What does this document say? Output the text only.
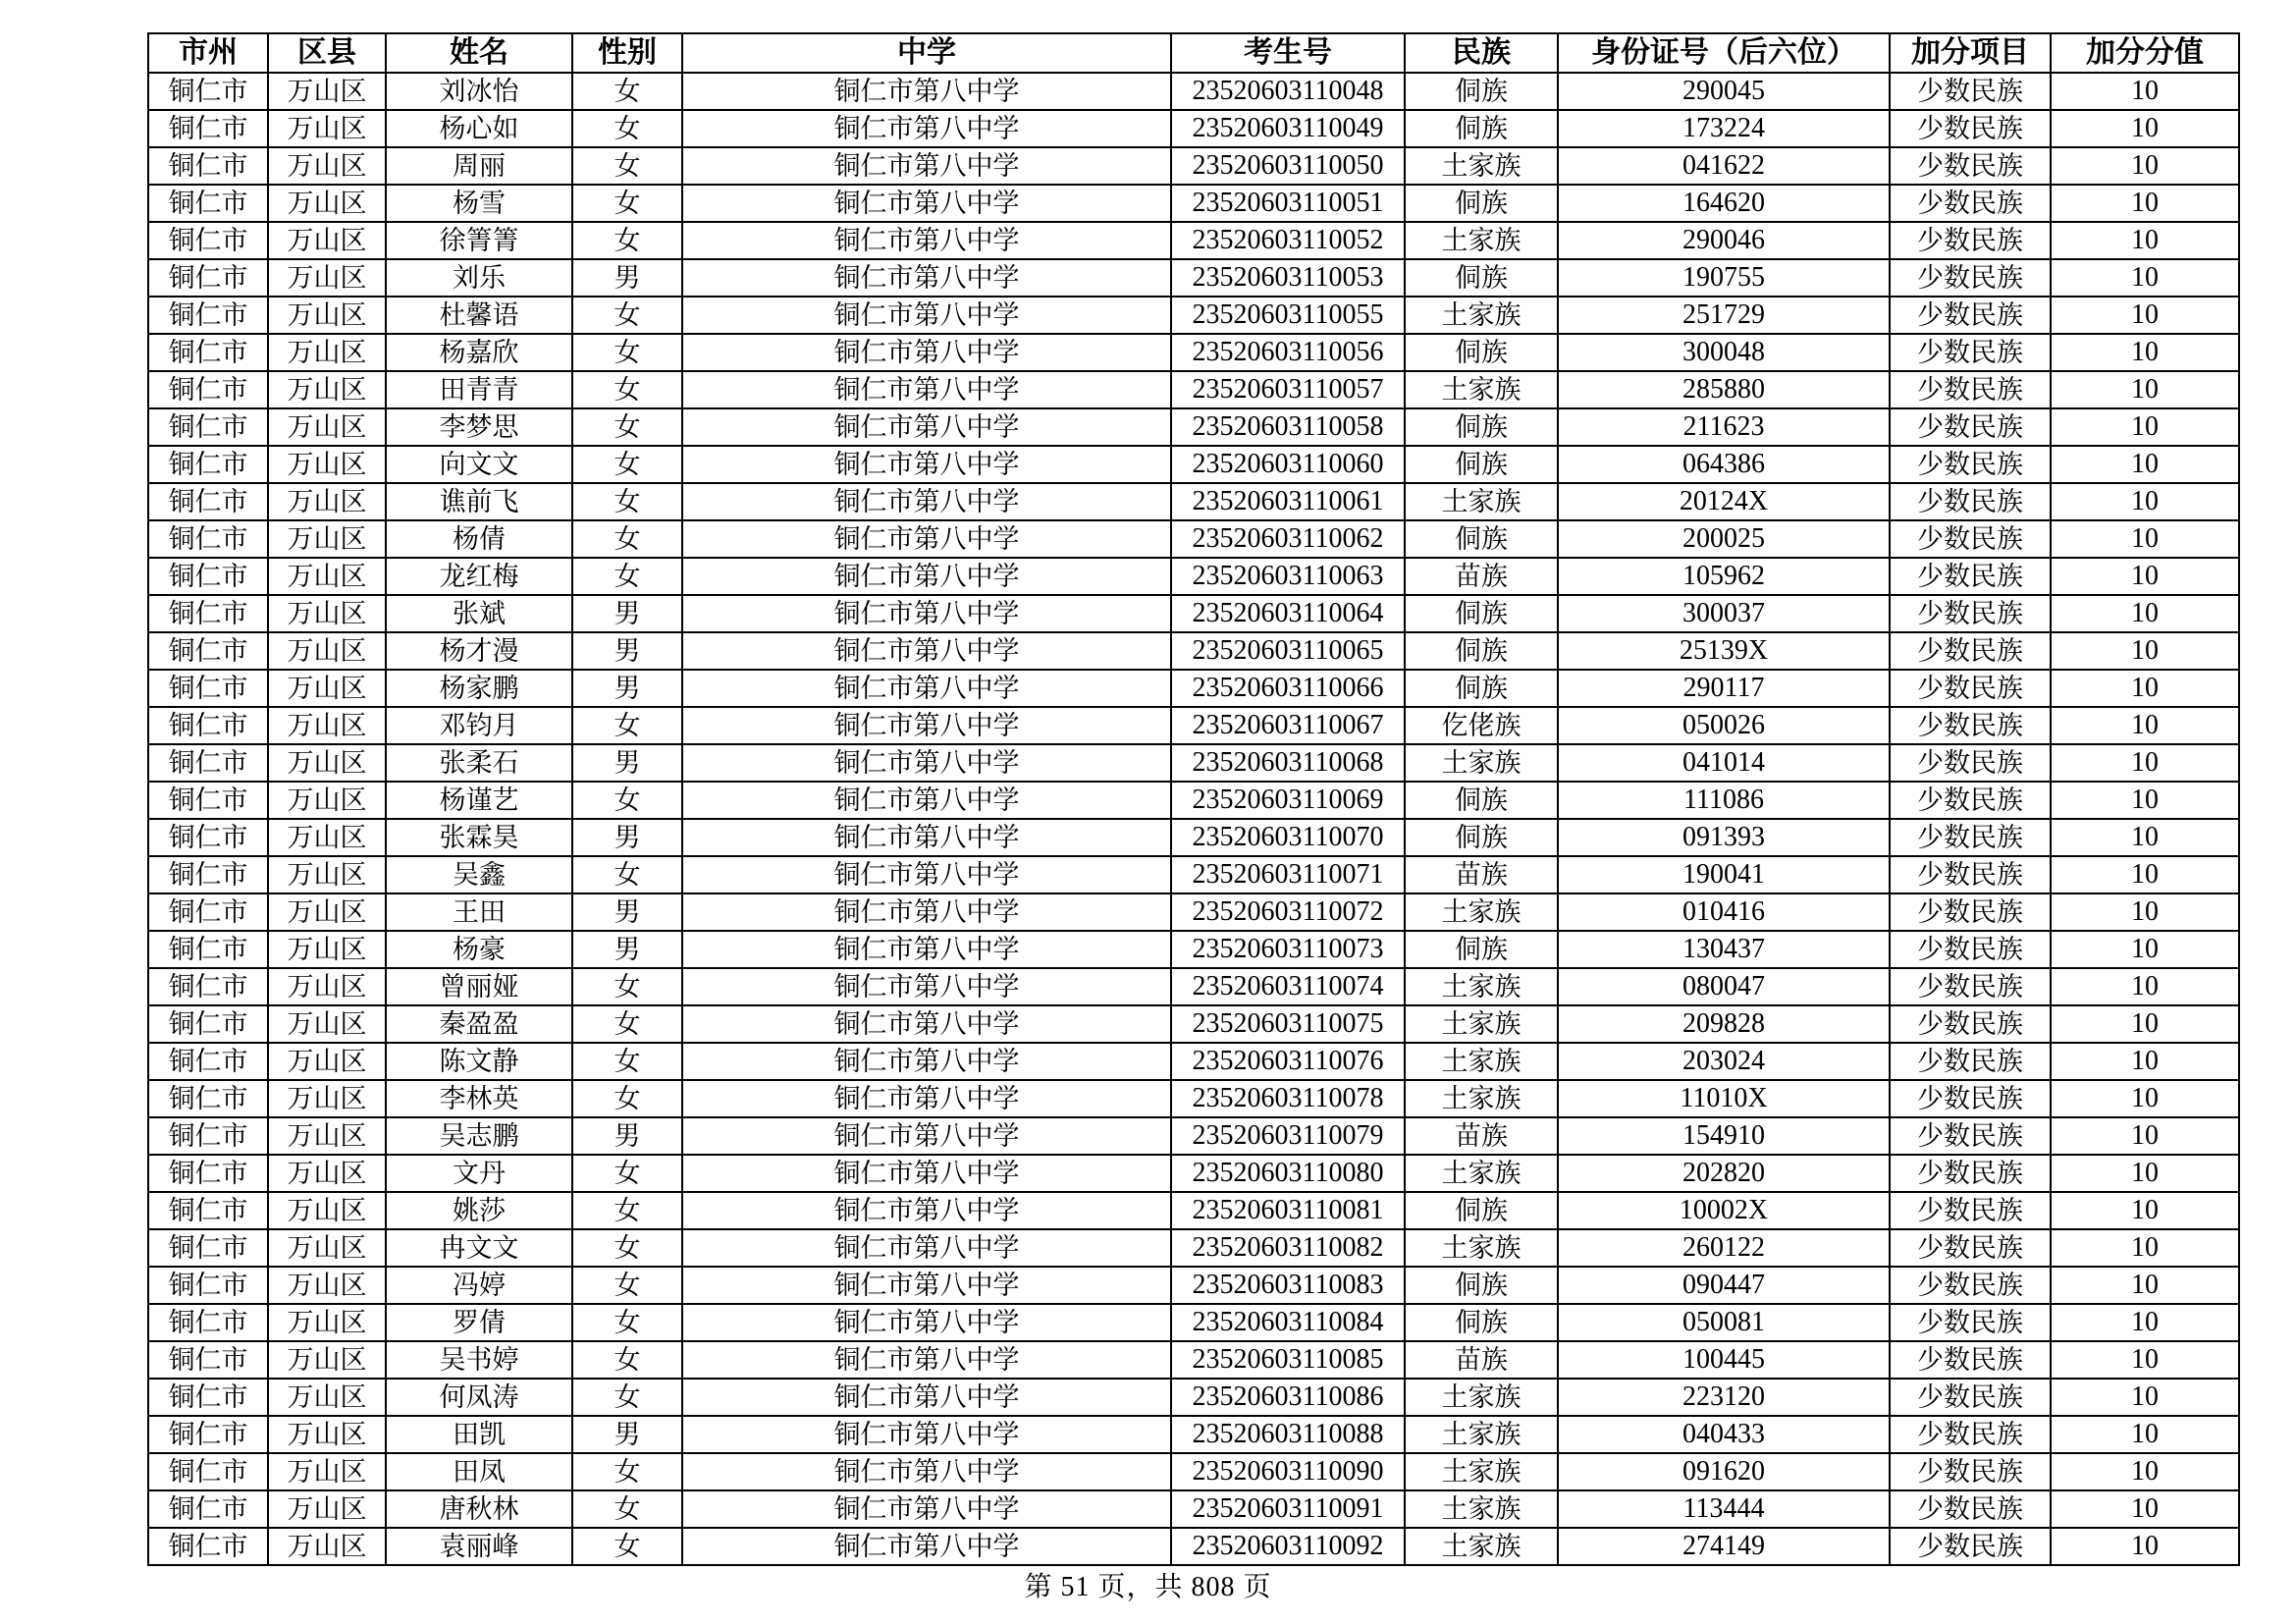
市州	区县	姓名	性别	中学	考生号	民族	身份证号（后六位）	加分项目	加分分值
铜仁市	万山区	刘冰怡	女	铜仁市第八中学	23520603110048	侗族	290045	少数民族	10
铜仁市	万山区	杨心如	女	铜仁市第八中学	23520603110049	侗族	173224	少数民族	10
铜仁市	万山区	周丽	女	铜仁市第八中学	23520603110050	土家族	041622	少数民族	10
铜仁市	万山区	杨雪	女	铜仁市第八中学	23520603110051	侗族	164620	少数民族	10
铜仁市	万山区	徐箐箐	女	铜仁市第八中学	23520603110052	土家族	290046	少数民族	10
铜仁市	万山区	刘乐	男	铜仁市第八中学	23520603110053	侗族	190755	少数民族	10
铜仁市	万山区	杜馨语	女	铜仁市第八中学	23520603110055	土家族	251729	少数民族	10
铜仁市	万山区	杨嘉欣	女	铜仁市第八中学	23520603110056	侗族	300048	少数民族	10
铜仁市	万山区	田青青	女	铜仁市第八中学	23520603110057	土家族	285880	少数民族	10
铜仁市	万山区	李梦思	女	铜仁市第八中学	23520603110058	侗族	211623	少数民族	10
铜仁市	万山区	向文文	女	铜仁市第八中学	23520603110060	侗族	064386	少数民族	10
铜仁市	万山区	谯前飞	女	铜仁市第八中学	23520603110061	土家族	20124X	少数民族	10
铜仁市	万山区	杨倩	女	铜仁市第八中学	23520603110062	侗族	200025	少数民族	10
铜仁市	万山区	龙红梅	女	铜仁市第八中学	23520603110063	苗族	105962	少数民族	10
铜仁市	万山区	张斌	男	铜仁市第八中学	23520603110064	侗族	300037	少数民族	10
铜仁市	万山区	杨才漫	男	铜仁市第八中学	23520603110065	侗族	25139X	少数民族	10
铜仁市	万山区	杨家鹏	男	铜仁市第八中学	23520603110066	侗族	290117	少数民族	10
铜仁市	万山区	邓钧月	女	铜仁市第八中学	23520603110067	仡佬族	050026	少数民族	10
铜仁市	万山区	张柔石	男	铜仁市第八中学	23520603110068	土家族	041014	少数民族	10
铜仁市	万山区	杨谨艺	女	铜仁市第八中学	23520603110069	侗族	111086	少数民族	10
铜仁市	万山区	张霖昊	男	铜仁市第八中学	23520603110070	侗族	091393	少数民族	10
铜仁市	万山区	吴鑫	女	铜仁市第八中学	23520603110071	苗族	190041	少数民族	10
铜仁市	万山区	王田	男	铜仁市第八中学	23520603110072	土家族	010416	少数民族	10
铜仁市	万山区	杨豪	男	铜仁市第八中学	23520603110073	侗族	130437	少数民族	10
铜仁市	万山区	曾丽娅	女	铜仁市第八中学	23520603110074	土家族	080047	少数民族	10
铜仁市	万山区	秦盈盈	女	铜仁市第八中学	23520603110075	土家族	209828	少数民族	10
铜仁市	万山区	陈文静	女	铜仁市第八中学	23520603110076	土家族	203024	少数民族	10
铜仁市	万山区	李林英	女	铜仁市第八中学	23520603110078	土家族	11010X	少数民族	10
铜仁市	万山区	吴志鹏	男	铜仁市第八中学	23520603110079	苗族	154910	少数民族	10
铜仁市	万山区	文丹	女	铜仁市第八中学	23520603110080	土家族	202820	少数民族	10
铜仁市	万山区	姚莎	女	铜仁市第八中学	23520603110081	侗族	10002X	少数民族	10
铜仁市	万山区	冉文文	女	铜仁市第八中学	23520603110082	土家族	260122	少数民族	10
铜仁市	万山区	冯婷	女	铜仁市第八中学	23520603110083	侗族	090447	少数民族	10
铜仁市	万山区	罗倩	女	铜仁市第八中学	23520603110084	侗族	050081	少数民族	10
铜仁市	万山区	吴书婷	女	铜仁市第八中学	23520603110085	苗族	100445	少数民族	10
铜仁市	万山区	何凤涛	女	铜仁市第八中学	23520603110086	土家族	223120	少数民族	10
铜仁市	万山区	田凯	男	铜仁市第八中学	23520603110088	土家族	040433	少数民族	10
铜仁市	万山区	田凤	女	铜仁市第八中学	23520603110090	土家族	091620	少数民族	10
铜仁市	万山区	唐秋林	女	铜仁市第八中学	23520603110091	土家族	113444	少数民族	10
铜仁市	万山区	袁丽峰	女	铜仁市第八中学	23520603110092	土家族	274149	少数民族	10
第 51 页，共 808 页
